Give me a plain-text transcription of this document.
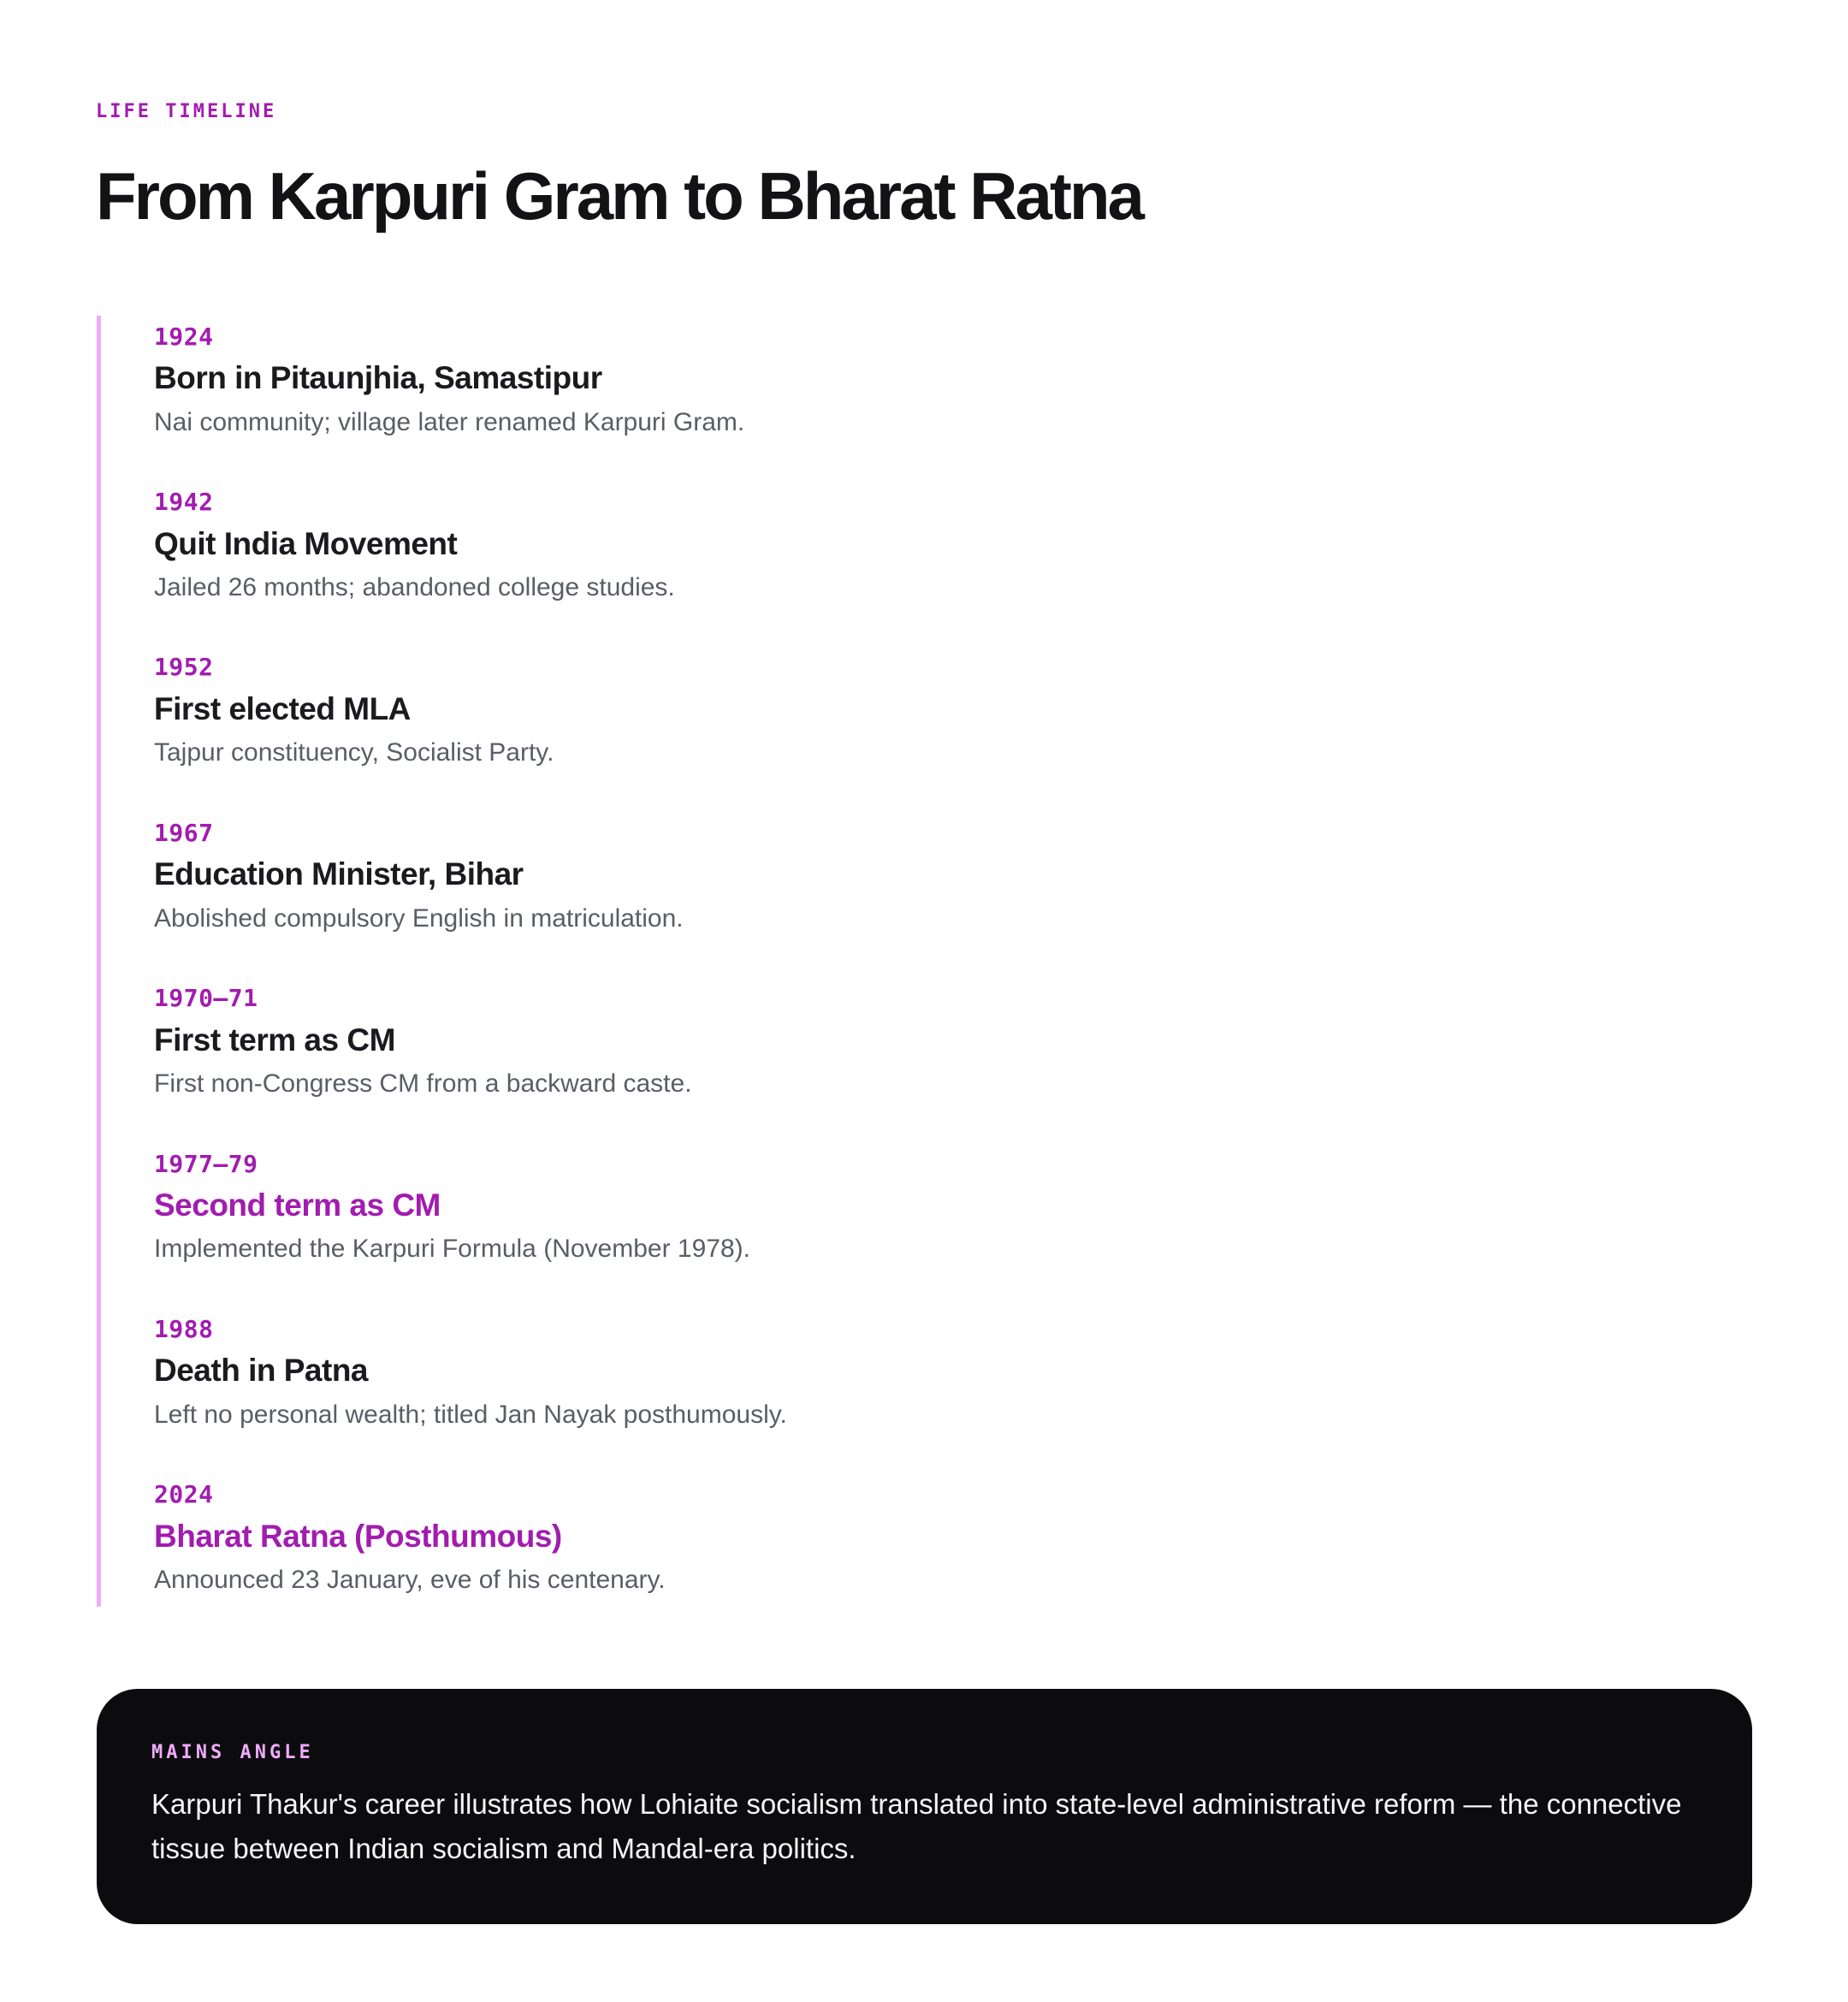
LIFE TIMELINE
From Karpuri Gram to Bharat Ratna
1924
Born in Pitaunjhia, Samastipur

Nai community; village later renamed Karpuri Gram.

1942
Quit India Movement

Jailed 26 months; abandoned college studies.

1952
First elected MLA

Tajpur constituency, Socialist Party.

1967
Education Minister, Bihar

Abolished compulsory English in matriculation.

1970–71
First term as CM

First non-Congress CM from a backward caste.

1977–79
Second term as CM

Implemented the Karpuri Formula (November 1978).

1988
Death in Patna

Left no personal wealth; titled Jan Nayak posthumously.

2024
Bharat Ratna (Posthumous)

Announced 23 January, eve of his centenary.

MAINS ANGLE

Karpuri Thakur's career illustrates how Lohiaite socialism translated into state-level administrative reform — the connective tissue between Indian socialism and Mandal-era politics.
